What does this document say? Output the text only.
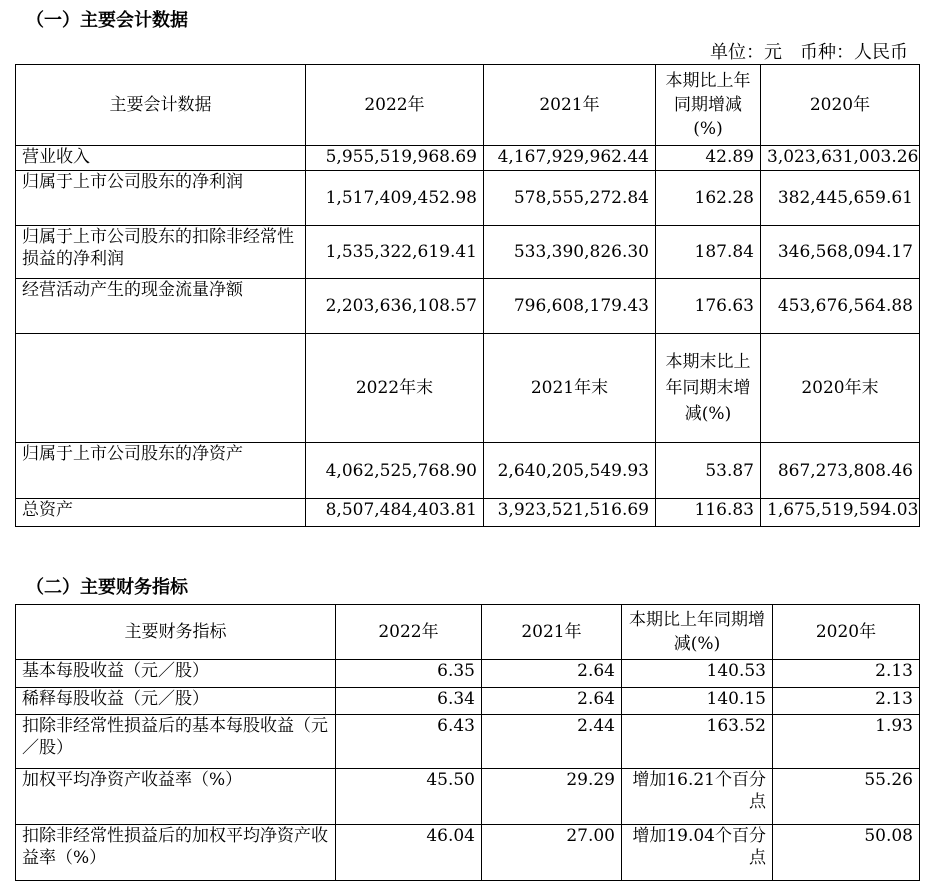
（一）主要会计数据
单位：元　币种：人民币
主要会计数据	2022年	2021年	本期比上年同期增减(%)	2020年
营业收入	5,955,519,968.69	4,167,929,962.44	42.89	3,023,631,003.26
归属于上市公司股东的净利润	1,517,409,452.98	578,555,272.84	162.28	382,445,659.61
归属于上市公司股东的扣除非经常性损益的净利润	1,535,322,619.41	533,390,826.30	187.84	346,568,094.17
经营活动产生的现金流量净额	2,203,636,108.57	796,608,179.43	176.63	453,676,564.88
	2022年末	2021年末	本期末比上年同期末增减(%)	2020年末
归属于上市公司股东的净资产	4,062,525,768.90	2,640,205,549.93	53.87	867,273,808.46
总资产	8,507,484,403.81	3,923,521,516.69	116.83	1,675,519,594.03
（二）主要财务指标
主要财务指标	2022年	2021年	本期比上年同期增减(%)	2020年
基本每股收益（元／股）	6.35	2.64	140.53	2.13
稀释每股收益（元／股）	6.34	2.64	140.15	2.13
扣除非经常性损益后的基本每股收益（元／股）	6.43	2.44	163.52	1.93
加权平均净资产收益率（%）	45.50	29.29	增加16.21个百分点	55.26
扣除非经常性损益后的加权平均净资产收益率（%）	46.04	27.00	增加19.04个百分点	50.08
